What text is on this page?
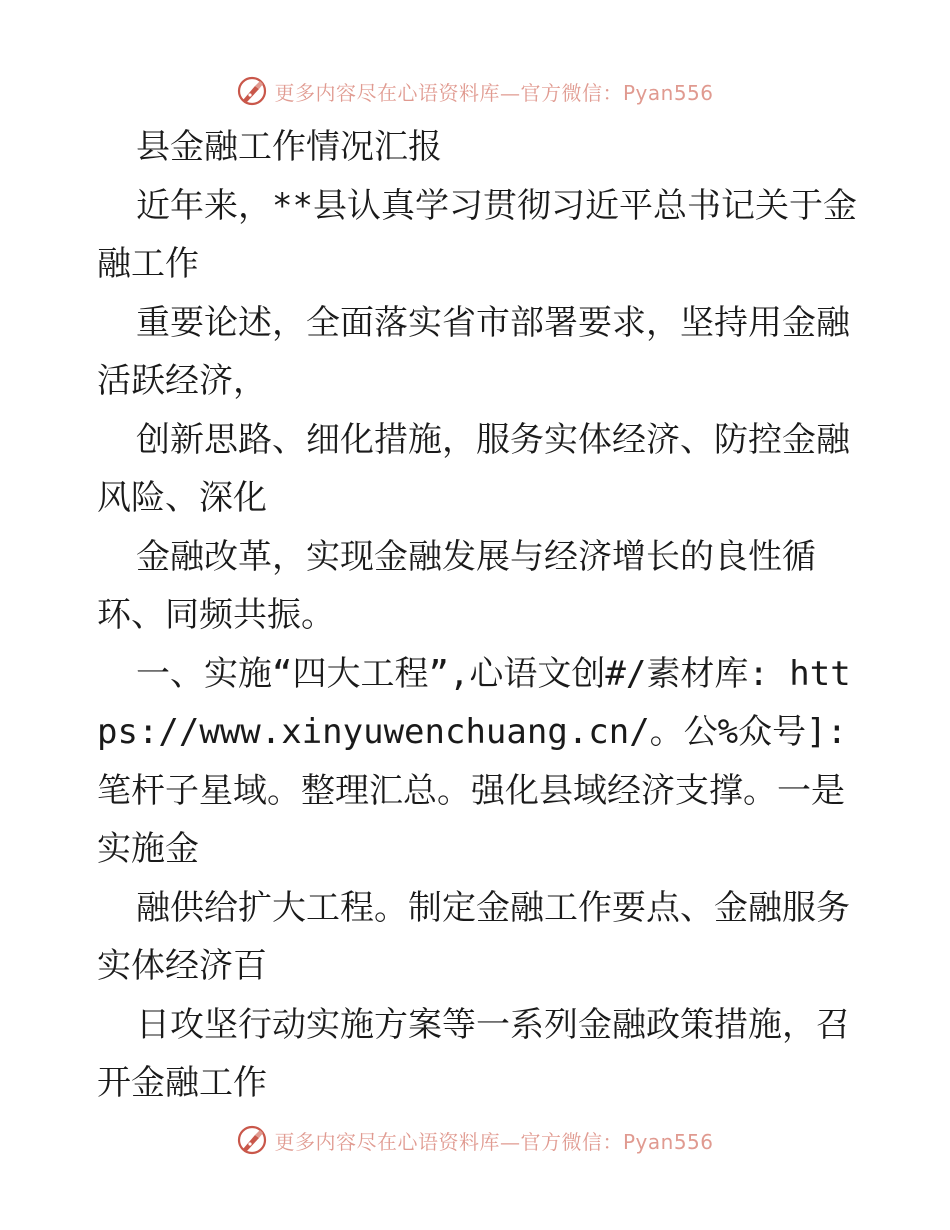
更多内容尽在心语资料库—官方微信：Pyan556

县金融工作情况汇报

近年来，**县认真学习贯彻习近平总书记关于金融工作

重要论述，全面落实省市部署要求，坚持用金融活跃经济，

创新思路、细化措施，服务实体经济、防控金融风险、深化

金融改革，实现金融发展与经济增长的良性循环、同频共振。

一、实施“四大工程”,心语文创#/素材库: https://www.xinyuwenchuang.cn/。公%众号]: 笔杆子星域。整理汇总。强化县域经济支撑。一是实施金

融供给扩大工程。制定金融工作要点、金融服务实体经济百

日攻坚行动实施方案等一系列金融政策措施，召开金融工作

更多内容尽在心语资料库—官方微信：Pyan556
